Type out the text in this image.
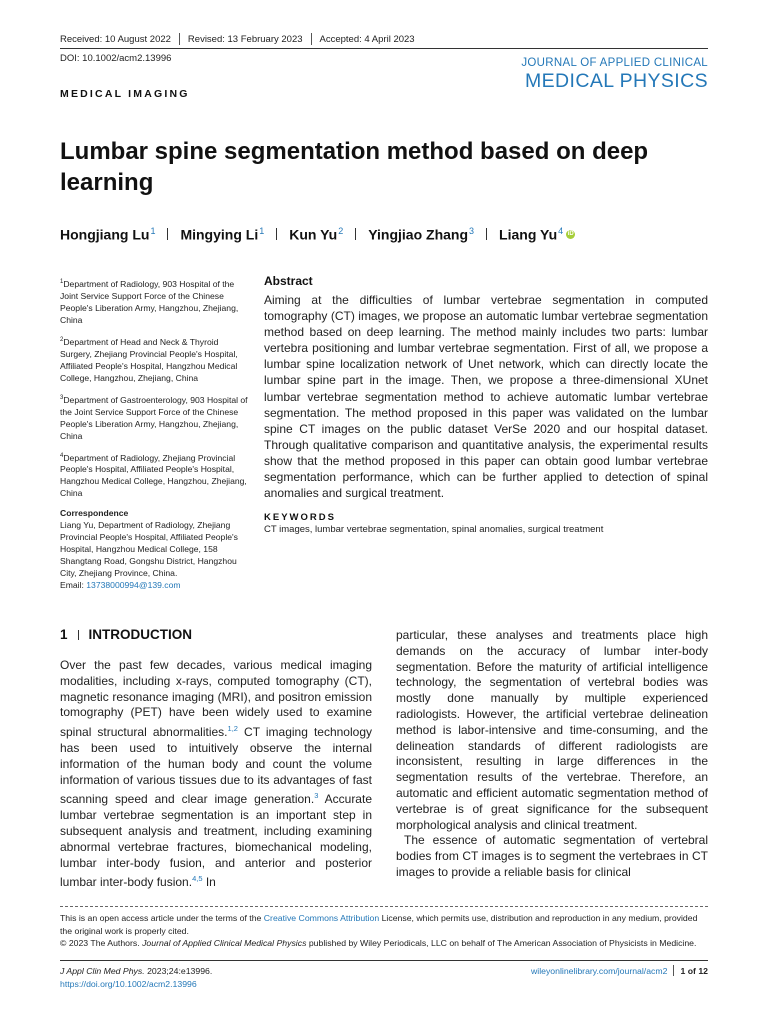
Received: 10 August 2022 Revised: 13 February 2023 Accepted: 4 April 2023
DOI: 10.1002/acm2.13996	JOURNAL OF APPLIED CLINICAL
MEDICAL PHYSICS
MEDICAL IMAGING
Lumbar spine segmentation method based on deep learning
Hongjiang Lu$^1$ Mingying Li$^1$ Kun Yu$^2$ Yingjiao Zhang$^3$ Liang Yu$^4$ iD
$^1$Department of Radiology, 903 Hospital of the Joint Service Support Force of the Chinese People's Liberation Army, Hangzhou, Zhejiang, China
$^2$Department of Head and Neck & Thyroid Surgery, Zhejiang Provincial People's Hospital, Affiliated People's Hospital, Hangzhou Medical College, Hangzhou, Zhejiang, China
$^3$Department of Gastroenterology, 903 Hospital of the Joint Service Support Force of the Chinese People's Liberation Army, Hangzhou, Zhejiang, China
$^4$Department of Radiology, Zhejiang Provincial People's Hospital, Affiliated People's Hospital, Hangzhou Medical College, Hangzhou, Zhejiang, China
Correspondence
Liang Yu, Department of Radiology, Zhejiang Provincial People's Hospital, Affiliated People's Hospital, Hangzhou Medical College, 158 Shangtang Road, Gongshu District, Hangzhou City, Zhejiang Province, China.
Email: 13738000994@139.com
Abstract
Aiming at the difficulties of lumbar vertebrae segmentation in computed tomography (CT) images, we propose an automatic lumbar vertebrae segmentation method based on deep learning. The method mainly includes two parts: lumbar vertebra positioning and lumbar vertebrae segmentation. First of all, we propose a lumbar spine localization network of Unet network, which can directly locate the lumbar spine part in the image. Then, we propose a three-dimensional XUnet lumbar vertebrae segmentation method to achieve automatic lumbar vertebrae segmentation. The method proposed in this paper was validated on the lumbar spine CT images on the public dataset VerSe 2020 and our hospital dataset. Through qualitative comparison and quantitative analysis, the experimental results show that the method proposed in this paper can obtain good lumbar vertebrae segmentation performance, which can be further applied to detection of spinal anomalies and surgical treatment.
KEYWORDS
CT images, lumbar vertebrae segmentation, spinal anomalies, surgical treatment
1 INTRODUCTION
Over the past few decades, various medical imaging modalities, including x-rays, computed tomography (CT), magnetic resonance imaging (MRI), and positron emission tomography (PET) have been widely used to examine spinal structural abnormalities.$^{1,2}$ CT imaging technology has been used to intuitively observe the internal information of the human body and count the volume information of various tissues due to its advantages of fast scanning speed and clear image generation.$^3$ Accurate lumbar vertebrae segmentation is an important step in subsequent analysis and treatment, including examining abnormal vertebrae fractures, biomechanical modeling, lumbar inter-body fusion, and anterior and posterior lumbar inter-body fusion.$^{4,5}$ In

particular, these analyses and treatments place high demands on the accuracy of lumbar inter-body segmentation. Before the maturity of artificial intelligence technology, the segmentation of vertebral bodies was mostly done manually by multiple experienced radiologists. However, the artificial vertebrae delineation method is labor-intensive and time-consuming, and the delineation standards of different radiologists are inconsistent, resulting in large differences in the segmentation results of the vertebrae. Therefore, an automatic and efficient automatic segmentation method of vertebrae is of great significance for the subsequent morphological analysis and clinical treatment.

The essence of automatic segmentation of vertebral bodies from CT images is to segment the vertebraes in CT images to provide a reliable basis for clinical

This is an open access article under the terms of the Creative Commons Attribution License, which permits use, distribution and reproduction in any medium, provided the original work is properly cited.
© 2023 The Authors. Journal of Applied Clinical Medical Physics published by Wiley Periodicals, LLC on behalf of The American Association of Physicists in Medicine.
J Appl Clin Med Phys. 2023;24:e13996.
https://doi.org/10.1002/acm2.13996
wileyonlinelibrary.com/journal/acm2 1 of 12
